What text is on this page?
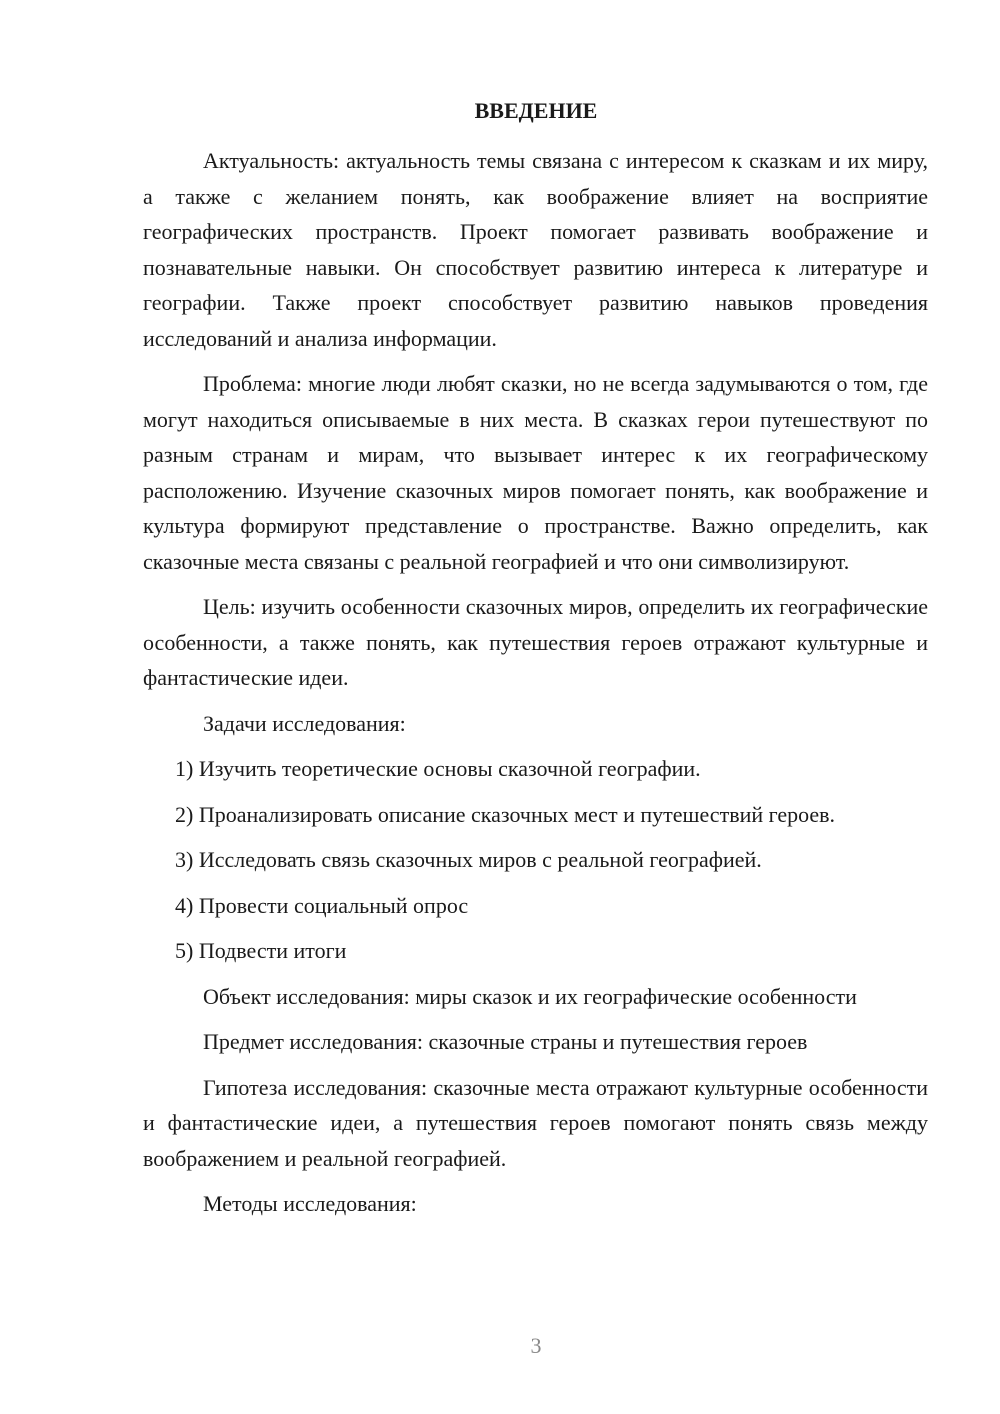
ВВЕДЕНИЕ

Актуальность: актуальность темы связана с интересом к сказкам и их миру, а также с желанием понять, как воображение влияет на восприятие географических пространств. Проект помогает развивать воображение и познавательные навыки. Он способствует развитию интереса к литературе и географии. Также проект способствует развитию навыков проведения исследований и анализа информации.

Проблема: многие люди любят сказки, но не всегда задумываются о том, где могут находиться описываемые в них места. В сказках герои путешествуют по разным странам и мирам, что вызывает интерес к их географическому расположению. Изучение сказочных миров помогает понять, как воображение и культура формируют представление о пространстве. Важно определить, как сказочные места связаны с реальной географией и что они символизируют.

Цель: изучить особенности сказочных миров, определить их географические особенности, а также понять, как путешествия героев отражают культурные и фантастические идеи.

Задачи исследования:

1) Изучить теоретические основы сказочной географии.
2) Проанализировать описание сказочных мест и путешествий героев.
3) Исследовать связь сказочных миров с реальной географией.
4) Провести социальный опрос
5) Подвести итоги

Объект исследования: миры сказок и их географические особенности

Предмет исследования: сказочные страны и путешествия героев

Гипотеза исследования: сказочные места отражают культурные особенности и фантастические идеи, а путешествия героев помогают понять связь между воображением и реальной географией.

Методы исследования:

3
